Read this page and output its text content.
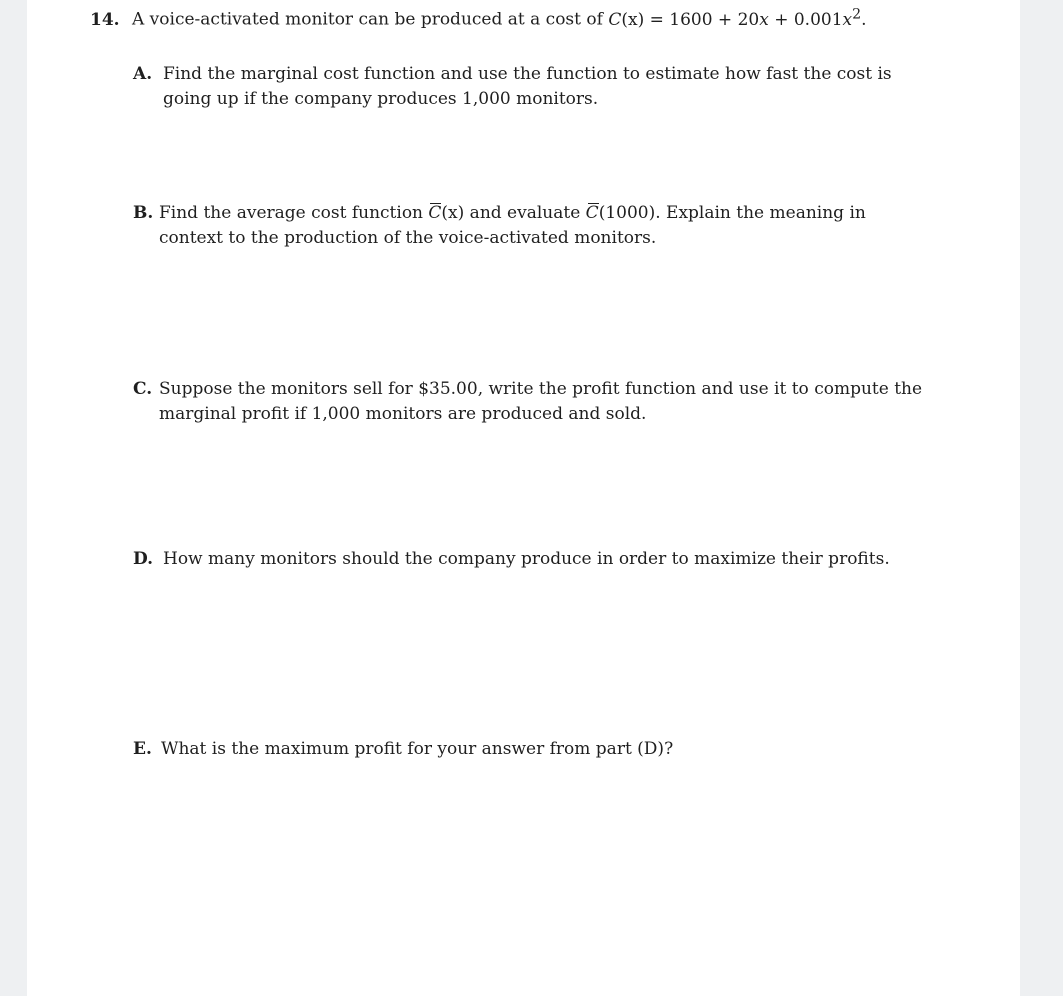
14. A voice-activated monitor can be produced at a cost of $C(x) = 1600 + 20x + 0.001x^2$.
A. Find the marginal cost function and use the function to estimate how fast the cost is
going up if the company produces 1,000 monitors.
B. Find the average cost function C(x) and evaluate C(1000). Explain the meaning in
context to the production of the voice-activated monitors.
C. Suppose the monitors sell for $35.00, write the profit function and use it to compute the
marginal profit if 1,000 monitors are produced and sold.
D. How many monitors should the company produce in order to maximize their profits.
E. What is the maximum profit for your answer from part (D)?
